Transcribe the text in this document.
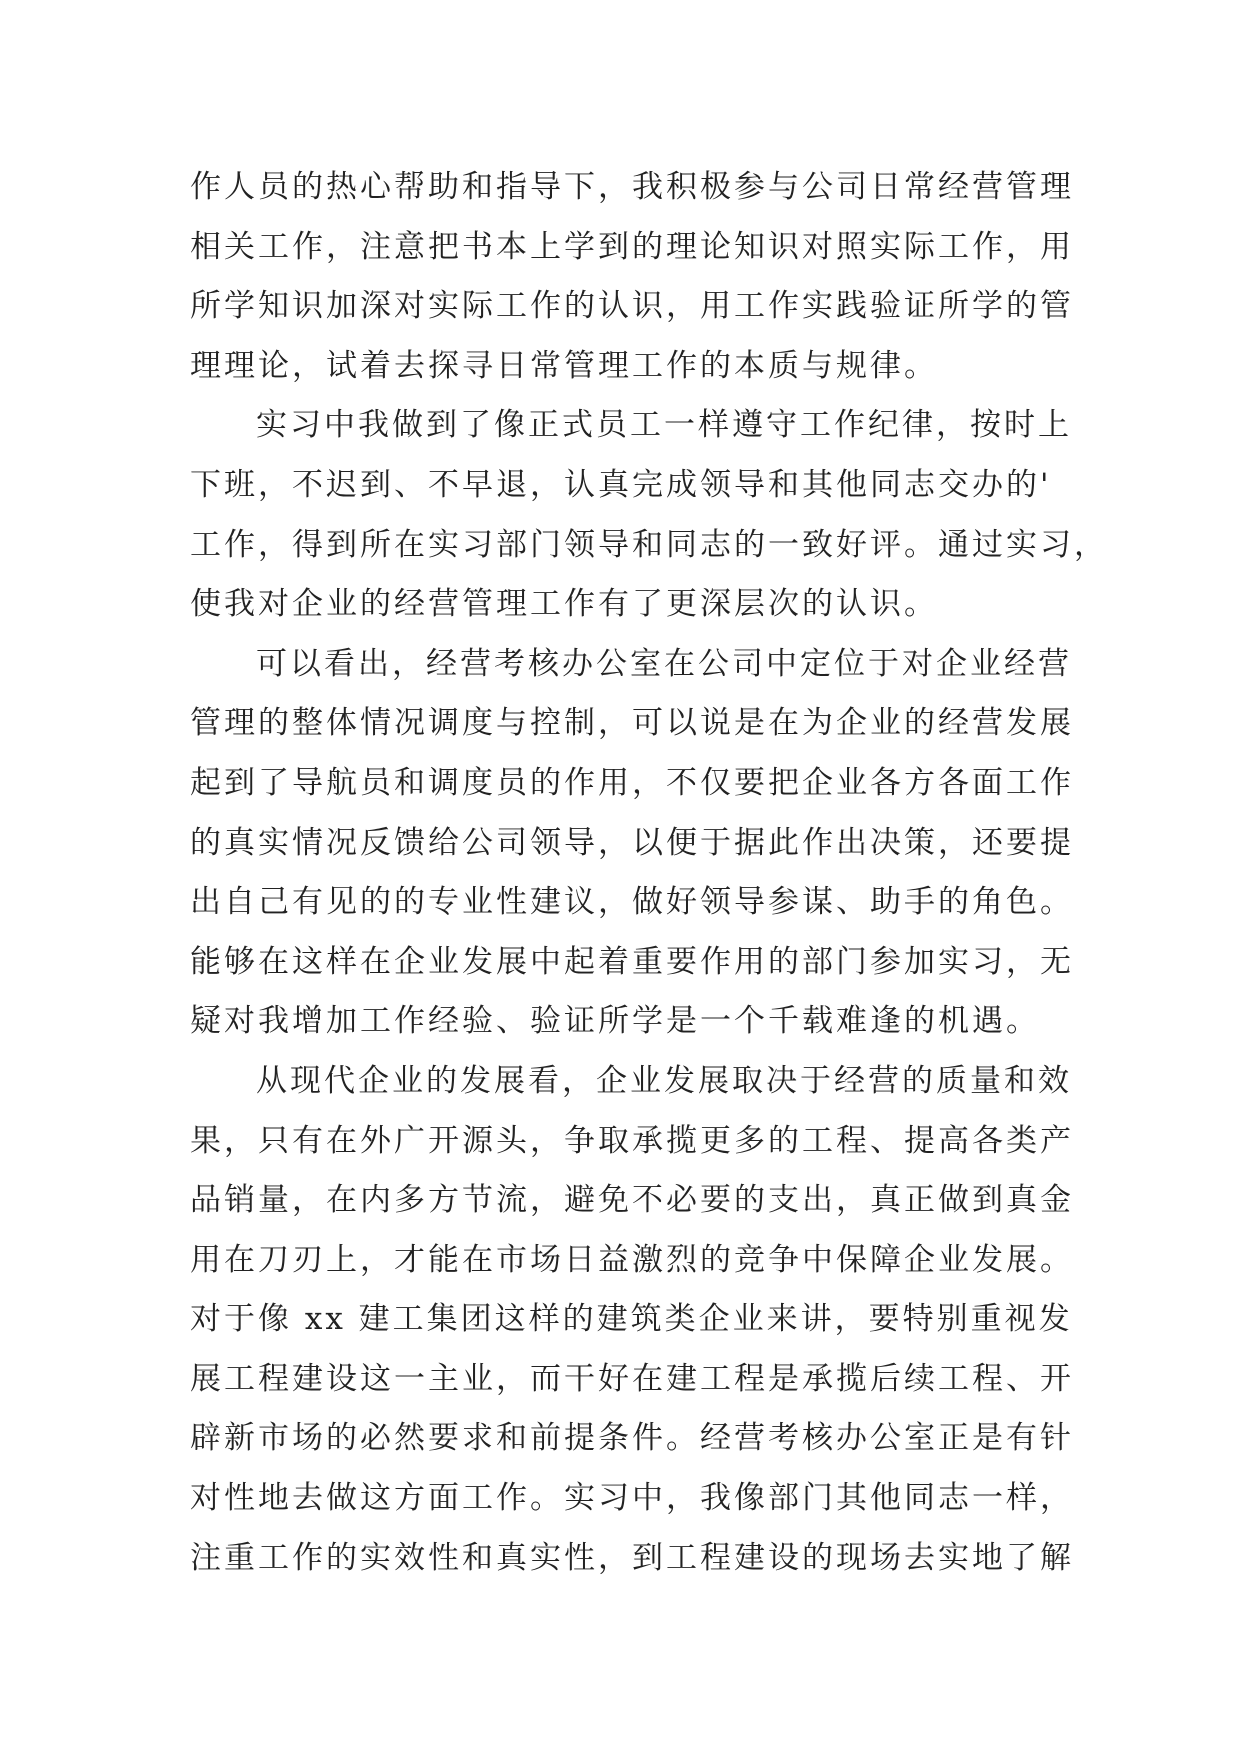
作人员的热心帮助和指导下，我积极参与公司日常经营管理
相关工作，注意把书本上学到的理论知识对照实际工作，用
所学知识加深对实际工作的认识，用工作实践验证所学的管
理理论，试着去探寻日常管理工作的本质与规律。
实习中我做到了像正式员工一样遵守工作纪律，按时上
下班，不迟到、不早退，认真完成领导和其他同志交办的'
工作，得到所在实习部门领导和同志的一致好评。通过实习，
使我对企业的经营管理工作有了更深层次的认识。
可以看出，经营考核办公室在公司中定位于对企业经营
管理的整体情况调度与控制，可以说是在为企业的经营发展
起到了导航员和调度员的作用，不仅要把企业各方各面工作
的真实情况反馈给公司领导，以便于据此作出决策，还要提
出自己有见的的专业性建议，做好领导参谋、助手的角色。
能够在这样在企业发展中起着重要作用的部门参加实习，无
疑对我增加工作经验、验证所学是一个千载难逢的机遇。
从现代企业的发展看，企业发展取决于经营的质量和效
果，只有在外广开源头，争取承揽更多的工程、提高各类产
品销量，在内多方节流，避免不必要的支出，真正做到真金
用在刀刃上，才能在市场日益激烈的竞争中保障企业发展。
对于像 xx 建工集团这样的建筑类企业来讲，要特别重视发
展工程建设这一主业，而干好在建工程是承揽后续工程、开
辟新市场的必然要求和前提条件。经营考核办公室正是有针
对性地去做这方面工作。实习中，我像部门其他同志一样，
注重工作的实效性和真实性，到工程建设的现场去实地了解
